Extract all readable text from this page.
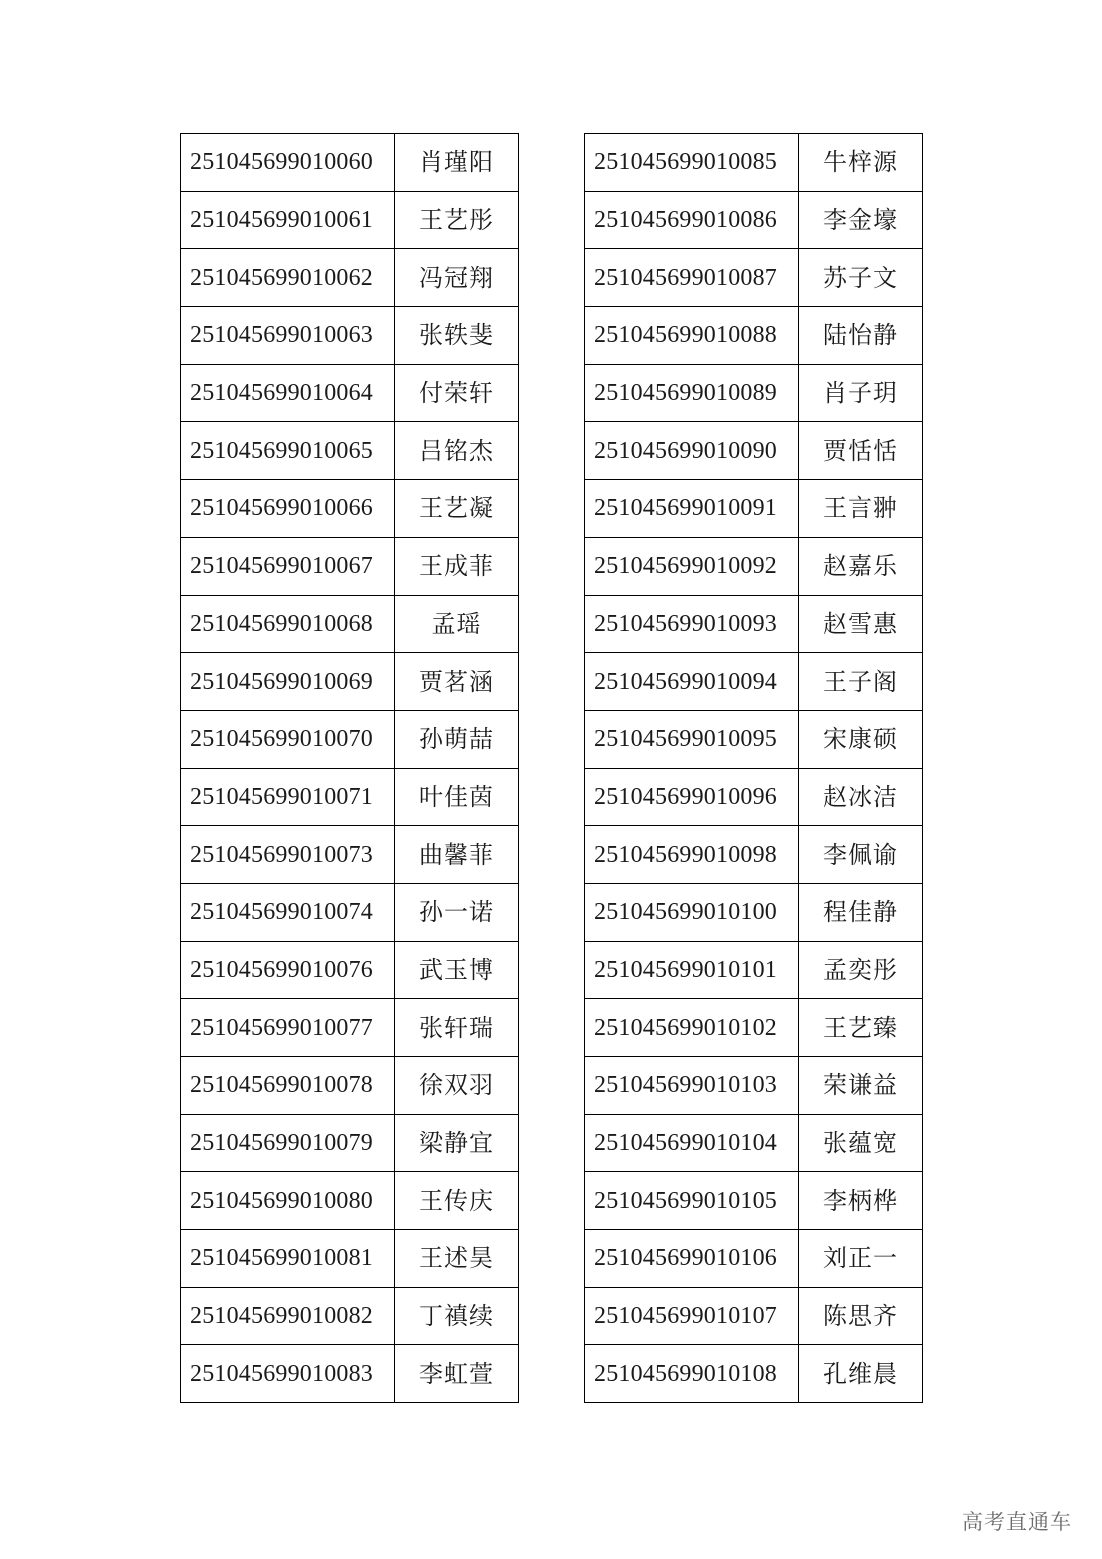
251045699010060	肖瑾阳
251045699010061	王艺彤
251045699010062	冯冠翔
251045699010063	张轶斐
251045699010064	付荣轩
251045699010065	吕铭杰
251045699010066	王艺凝
251045699010067	王成菲
251045699010068	孟瑶
251045699010069	贾茗涵
251045699010070	孙萌喆
251045699010071	叶佳茵
251045699010073	曲馨菲
251045699010074	孙一诺
251045699010076	武玉博
251045699010077	张轩瑞
251045699010078	徐双羽
251045699010079	梁静宜
251045699010080	王传庆
251045699010081	王述昊
251045699010082	丁禛续
251045699010083	李虹萱
251045699010085	牛梓源
251045699010086	李金壕
251045699010087	苏子文
251045699010088	陆怡静
251045699010089	肖子玥
251045699010090	贾恬恬
251045699010091	王言翀
251045699010092	赵嘉乐
251045699010093	赵雪惠
251045699010094	王子阁
251045699010095	宋康硕
251045699010096	赵冰洁
251045699010098	李佩谕
251045699010100	程佳静
251045699010101	孟奕彤
251045699010102	王艺臻
251045699010103	荣谦益
251045699010104	张蕴宽
251045699010105	李柄桦
251045699010106	刘正一
251045699010107	陈思齐
251045699010108	孔维晨
高考直通车
